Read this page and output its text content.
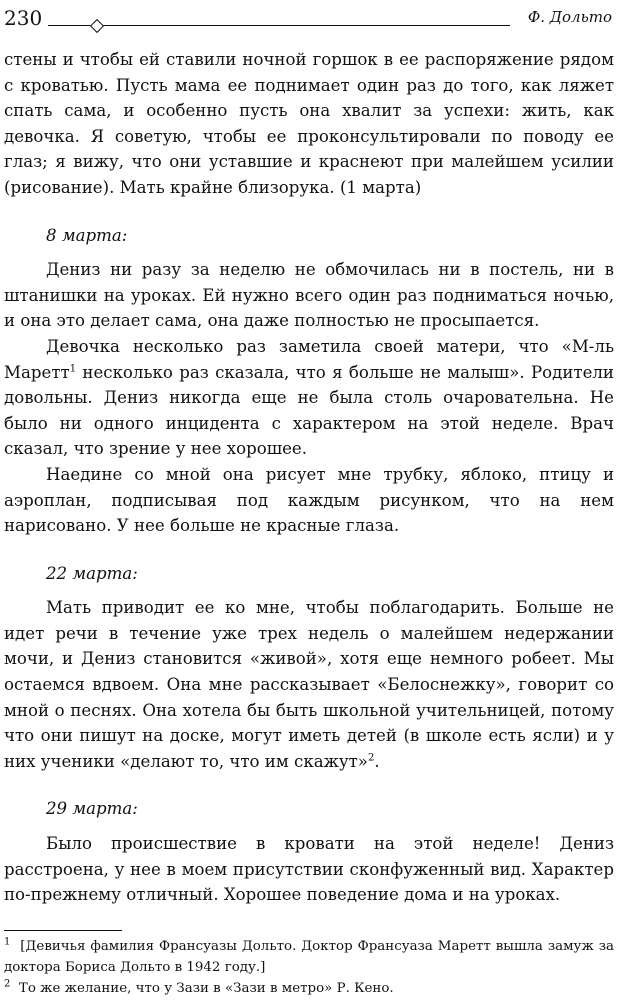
230	Ф. Дольто

стены и чтобы ей ставили ночной горшок в ее распоряжение рядом с кроватью. Пусть мама ее поднимает один раз до того, как ляжет спать сама, и особенно пусть она хвалит за успехи: жить, как девочка. Я советую, чтобы ее проконсультировали по поводу ее глаз; я вижу, что они уставшие и краснеют при малейшем усилии (рисование). Мать крайне близорука. (1 марта)

8 марта:

Дениз ни разу за неделю не обмочилась ни в постель, ни в штанишки на уроках. Ей нужно всего один раз подниматься ночью, и она это делает сама, она даже полностью не просыпается.

Девочка несколько раз заметила своей матери, что «М-ль Маретт$^1$ несколько раз сказала, что я больше не малыш». Родители довольны. Дениз никогда еще не была столь очаровательна. Не было ни одного инцидента с характером на этой неделе. Врач сказал, что зрение у нее хорошее.

Наедине со мной она рисует мне трубку, яблоко, птицу и аэроплан, подписывая под каждым рисунком, что на нем нарисовано. У нее больше не красные глаза.

22 марта:

Мать приводит ее ко мне, чтобы поблагодарить. Больше не идет речи в течение уже трех недель о малейшем недержании мочи, и Дениз становится «живой», хотя еще немного робеет. Мы остаемся вдвоем. Она мне рассказывает «Белоснежку», говорит со мной о песнях. Она хотела бы быть школьной учительницей, потому что они пишут на доске, могут иметь детей (в школе есть ясли) и у них ученики «делают то, что им скажут»$^2$.

29 марта:

Было происшествие в кровати на этой неделе! Дениз расстроена, у нее в моем присутствии сконфуженный вид. Характер по-прежнему отличный. Хорошее поведение дома и на уроках.

$^1$ [Девичья фамилия Франсуазы Дольто. Доктор Франсуаза Маретт вышла замуж за доктора Бориса Дольто в 1942 году.]

$^2$ То же желание, что у Зази в «Зази в метро» Р. Кено.
